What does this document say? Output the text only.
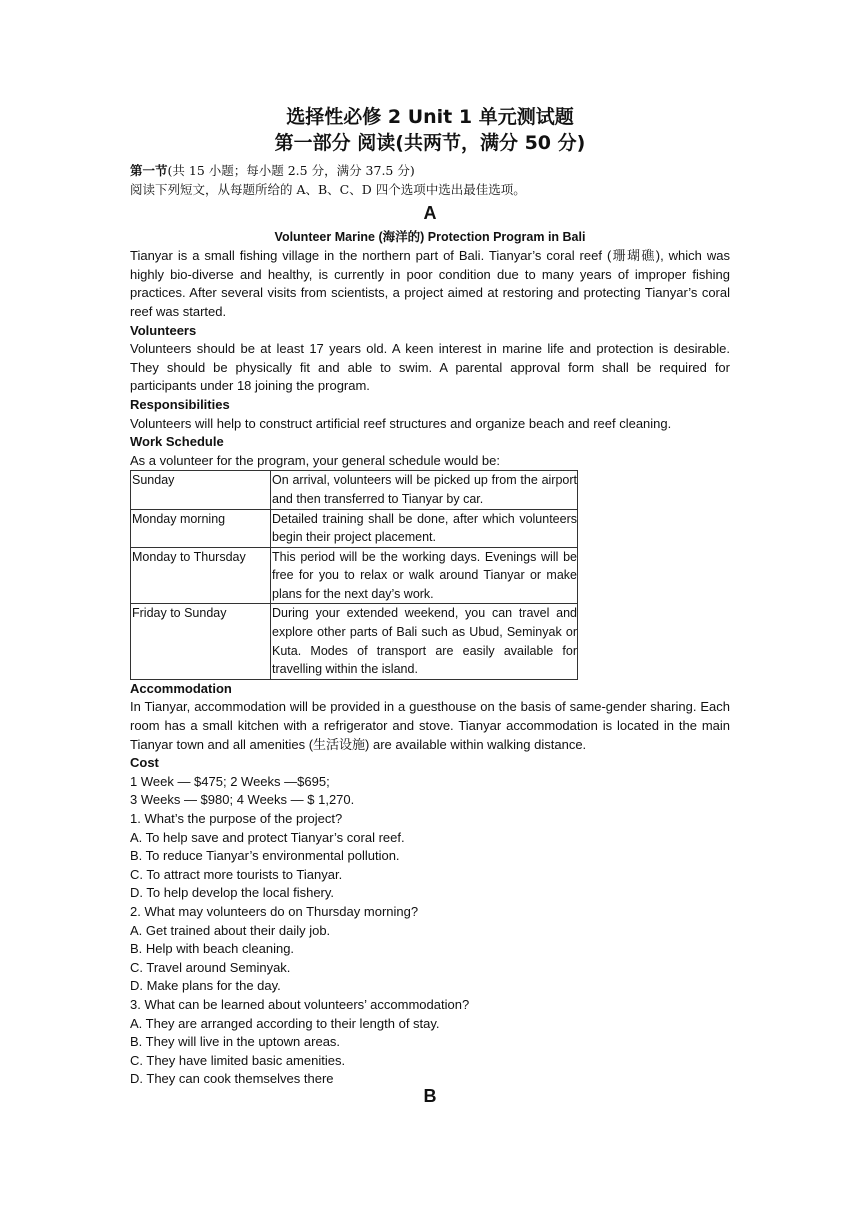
选择性必修 2 Unit 1 单元测试题
第一部分 阅读(共两节，满分 50 分)
第一节(共 15 小题；每小题 2.5 分，满分 37.5 分)
阅读下列短文，从每题所给的 A、B、C、D 四个选项中选出最佳选项。
A
Volunteer Marine (海洋的) Protection Program in Bali

Tianyar is a small fishing village in the northern part of Bali. Tianyar’s coral reef (珊瑚礁), which was highly bio-diverse and healthy, is currently in poor condition due to many years of improper fishing practices. After several visits from scientists, a project aimed at restoring and protecting Tianyar’s coral reef was started.

Volunteers

Volunteers should be at least 17 years old. A keen interest in marine life and protection is desirable. They should be physically fit and able to swim. A parental approval form shall be required for participants under 18 joining the program.

Responsibilities

Volunteers will help to construct artificial reef structures and organize beach and reef cleaning.

Work Schedule
As a volunteer for the program, your general schedule would be:
Sunday	On arrival, volunteers will be picked up from the airport and then transferred to Tianyar by car.
Monday morning	Detailed training shall be done, after which volunteers begin their project placement.
Monday to Thursday	This period will be the working days. Evenings will be free for you to relax or walk around Tianyar or make plans for the next day’s work.
Friday to Sunday	During your extended weekend, you can travel and explore other parts of Bali such as Ubud, Seminyak or Kuta. Modes of transport are easily available for travelling within the island.
Accommodation

In Tianyar, accommodation will be provided in a guesthouse on the basis of same-gender sharing. Each room has a small kitchen with a refrigerator and stove. Tianyar accommodation is located in the main Tianyar town and all amenities (生活设施) are available within walking distance.

Cost
1 Week — $475; 2 Weeks —$695;
3 Weeks — $980; 4 Weeks — $ 1,270.
1. What’s the purpose of the project?
A. To help save and protect Tianyar’s coral reef.
B. To reduce Tianyar’s environmental pollution.
C. To attract more tourists to Tianyar.
D. To help develop the local fishery.
2. What may volunteers do on Thursday morning?
A. Get trained about their daily job.
B. Help with beach cleaning.
C. Travel around Seminyak.
D. Make plans for the day.
3. What can be learned about volunteers’ accommodation?
A. They are arranged according to their length of stay.
B. They will live in the uptown areas.
C. They have limited basic amenities.
D. They can cook themselves there
B
